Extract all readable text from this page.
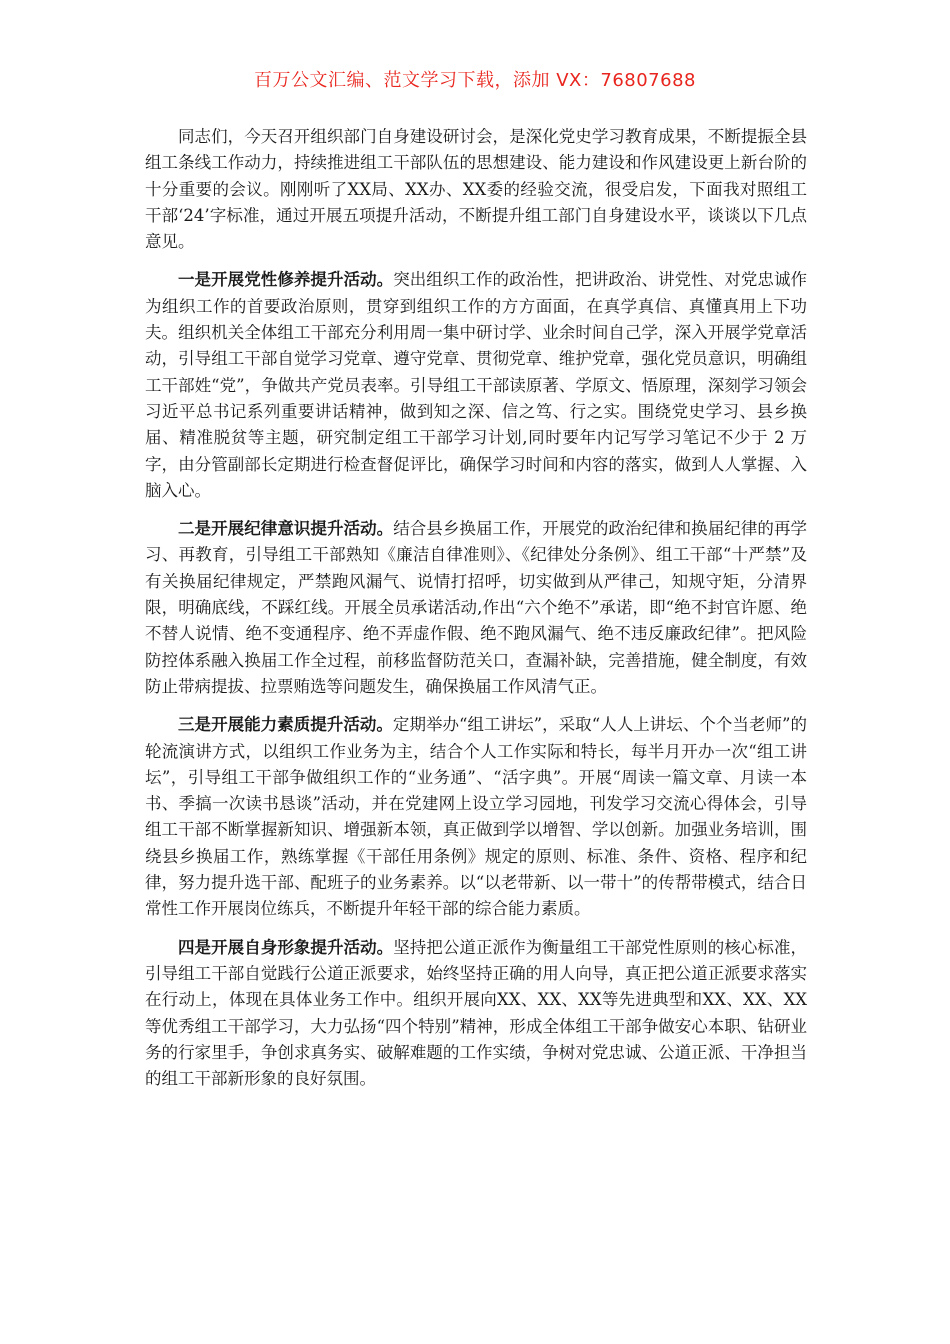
百万公文汇编、范文学习下载，添加 VX：76807688

同志们，今天召开组织部门自身建设研讨会，是深化党史学习教育成果，不断提振全县组工条线工作动力，持续推进组工干部队伍的思想建设、能力建设和作风建设更上新台阶的十分重要的会议。刚刚听了XX局、XX办、XX委的经验交流，很受启发，下面我对照组工干部‘24’字标准，通过开展五项提升活动，不断提升组工部门自身建设水平，谈谈以下几点意见。

一是开展党性修养提升活动。突出组织工作的政治性，把讲政治、讲党性、对党忠诚作为组织工作的首要政治原则，贯穿到组织工作的方方面面，在真学真信、真懂真用上下功夫。组织机关全体组工干部充分利用周一集中研讨学、业余时间自己学，深入开展学党章活动，引导组工干部自觉学习党章、遵守党章、贯彻党章、维护党章，强化党员意识，明确组工干部姓“党”，争做共产党员表率。引导组工干部读原著、学原文、悟原理，深刻学习领会习近平总书记系列重要讲话精神，做到知之深、信之笃、行之实。围绕党史学习、县乡换届、精准脱贫等主题，研究制定组工干部学习计划,同时要年内记写学习笔记不少于 2 万字，由分管副部长定期进行检查督促评比，确保学习时间和内容的落实，做到人人掌握、入脑入心。

二是开展纪律意识提升活动。结合县乡换届工作，开展党的政治纪律和换届纪律的再学习、再教育，引导组工干部熟知《廉洁自律准则》、《纪律处分条例》、组工干部“十严禁”及有关换届纪律规定，严禁跑风漏气、说情打招呼，切实做到从严律己，知规守矩，分清界限，明确底线，不踩红线。开展全员承诺活动,作出“六个绝不”承诺，即“绝不封官许愿、绝不替人说情、绝不变通程序、绝不弄虚作假、绝不跑风漏气、绝不违反廉政纪律”。把风险防控体系融入换届工作全过程，前移监督防范关口，查漏补缺，完善措施，健全制度，有效防止带病提拔、拉票贿选等问题发生，确保换届工作风清气正。

三是开展能力素质提升活动。定期举办“组工讲坛”，采取“人人上讲坛、个个当老师”的轮流演讲方式，以组织工作业务为主，结合个人工作实际和特长，每半月开办一次“组工讲坛”，引导组工干部争做组织工作的“业务通”、“活字典”。开展“周读一篇文章、月读一本书、季搞一次读书恳谈”活动，并在党建网上设立学习园地，刊发学习交流心得体会，引导组工干部不断掌握新知识、增强新本领，真正做到学以增智、学以创新。加强业务培训，围绕县乡换届工作，熟练掌握《干部任用条例》规定的原则、标准、条件、资格、程序和纪律，努力提升选干部、配班子的业务素养。以“以老带新、以一带十”的传帮带模式，结合日常性工作开展岗位练兵，不断提升年轻干部的综合能力素质。

四是开展自身形象提升活动。坚持把公道正派作为衡量组工干部党性原则的核心标准，引导组工干部自觉践行公道正派要求，始终坚持正确的用人向导，真正把公道正派要求落实在行动上，体现在具体业务工作中。组织开展向XX、XX、XX等先进典型和XX、XX、XX等优秀组工干部学习，大力弘扬“四个特别”精神，形成全体组工干部争做安心本职、钻研业务的行家里手，争创求真务实、破解难题的工作实绩，争树对党忠诚、公道正派、干净担当的组工干部新形象的良好氛围。
